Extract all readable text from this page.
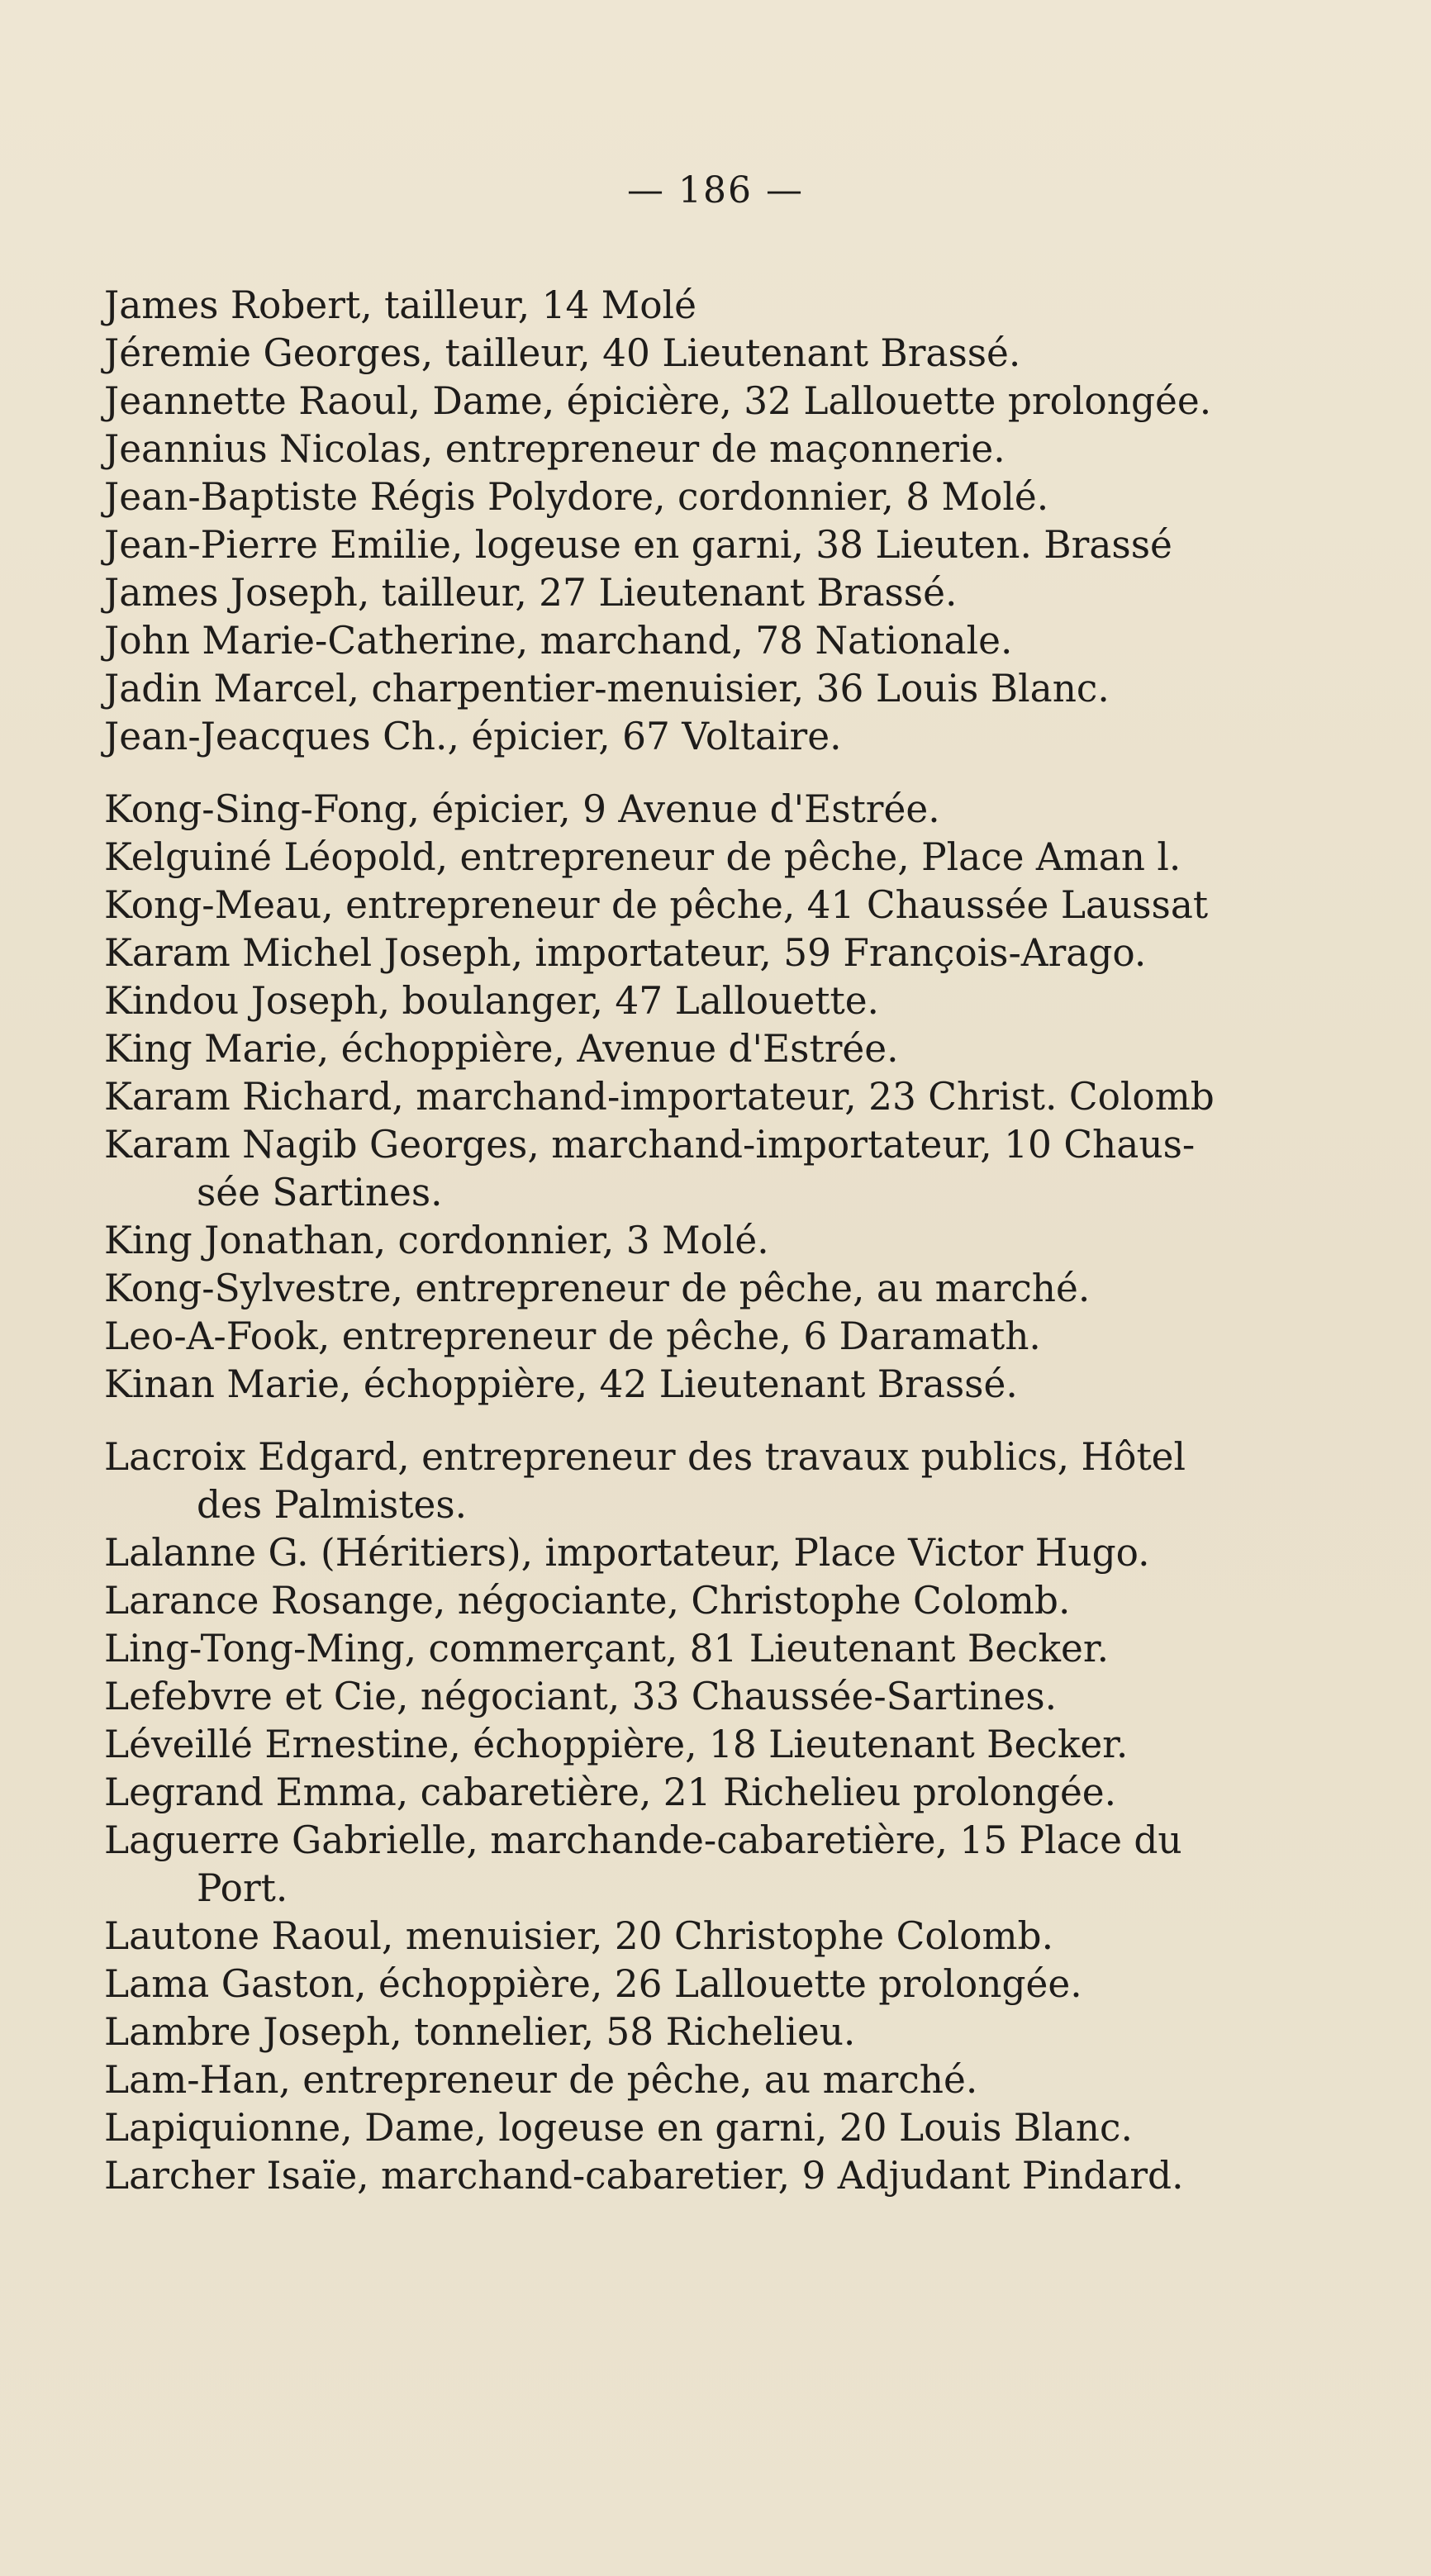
— 186 —
James Robert, tailleur, 14 Molé
Jéremie Georges, tailleur, 40 Lieutenant Brassé.
Jeannette Raoul, Dame, épicière, 32 Lallouette prolongée.
Jeannius Nicolas, entrepreneur de maçonnerie.
Jean-Baptiste Régis Polydore, cordonnier, 8 Molé.
Jean-Pierre Emilie, logeuse en garni, 38 Lieuten. Brassé
James Joseph, tailleur, 27 Lieutenant Brassé.
John Marie-Catherine, marchand, 78 Nationale.
Jadin Marcel, charpentier-menuisier, 36 Louis Blanc.
Jean-Jeacques Ch., épicier, 67 Voltaire.
Kong-Sing-Fong, épicier, 9 Avenue d'Estrée.
Kelguiné Léopold, entrepreneur de pêche, Place Aman l.
Kong-Meau, entrepreneur de pêche, 41 Chaussée Laussat
Karam Michel Joseph, importateur, 59 François-Arago.
Kindou Joseph, boulanger, 47 Lallouette.
King Marie, échoppière, Avenue d'Estrée.
Karam Richard, marchand-importateur, 23 Christ. Colomb
Karam Nagib Georges, marchand-importateur, 10 Chaus-
sée Sartines.
King Jonathan, cordonnier, 3 Molé.
Kong-Sylvestre, entrepreneur de pêche, au marché.
Leo-A-Fook, entrepreneur de pêche, 6 Daramath.
Kinan Marie, échoppière, 42 Lieutenant Brassé.
Lacroix Edgard, entrepreneur des travaux publics, Hôtel
des Palmistes.
Lalanne G. (Héritiers), importateur, Place Victor Hugo.
Larance Rosange, négociante, Christophe Colomb.
Ling-Tong-Ming, commerçant, 81 Lieutenant Becker.
Lefebvre et Cie, négociant, 33 Chaussée-Sartines.
Léveillé Ernestine, échoppière, 18 Lieutenant Becker.
Legrand Emma, cabaretière, 21 Richelieu prolongée.
Laguerre Gabrielle, marchande-cabaretière, 15 Place du
Port.
Lautone Raoul, menuisier, 20 Christophe Colomb.
Lama Gaston, échoppière, 26 Lallouette prolongée.
Lambre Joseph, tonnelier, 58 Richelieu.
Lam-Han, entrepreneur de pêche, au marché.
Lapiquionne, Dame, logeuse en garni, 20 Louis Blanc.
Larcher Isaïe, marchand-cabaretier, 9 Adjudant Pindard.
